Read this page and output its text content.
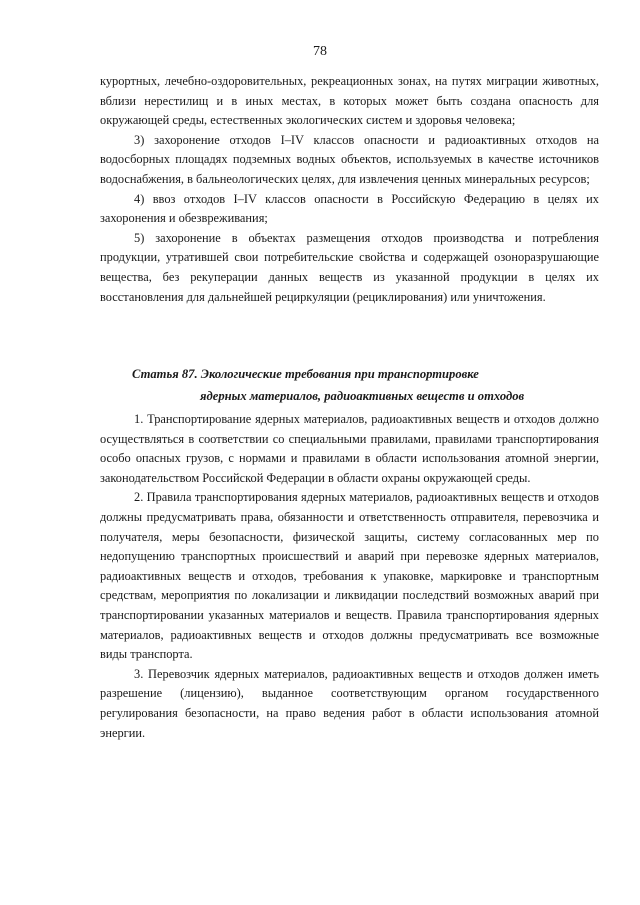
78

курортных, лечебно-оздоровительных, рекреационных зонах, на путях миграции животных, вблизи нерестилищ и в иных местах, в которых может быть создана опасность для окружающей среды, естественных экологических систем и здоровья человека;

3) захоронение отходов I–IV классов опасности и радиоактивных отходов на водосборных площадях подземных водных объектов, используемых в качестве источников водоснабжения, в бальнеологических целях, для извлечения ценных минеральных ресурсов;

4) ввоз отходов I–IV классов опасности в Российскую Федерацию в целях их захоронения и обезвреживания;

5) захоронение в объектах размещения отходов производства и потребления продукции, утратившей свои потребительские свойства и содержащей озоноразрушающие вещества, без рекуперации данных веществ из указанной продукции в целях их восстановления для дальнейшей рециркуляции (рециклирования) или уничтожения.

Статья 87. Экологические требования при транспортировке
ядерных материалов, радиоактивных веществ и отходов

1. Транспортирование ядерных материалов, радиоактивных веществ и отходов должно осуществляться в соответствии со специальными правилами, правилами транспортирования особо опасных грузов, с нормами и правилами в области использования атомной энергии, законодательством Российской Федерации в области охраны окружающей среды.

2. Правила транспортирования ядерных материалов, радиоактивных веществ и отходов должны предусматривать права, обязанности и ответственность отправителя, перевозчика и получателя, меры безопасности, физической защиты, систему согласованных мер по недопущению транспортных происшествий и аварий при перевозке ядерных материалов, радиоактивных веществ и отходов, требования к упаковке, маркировке и транспортным средствам, мероприятия по локализации и ликвидации последствий возможных аварий при транспортировании указанных материалов и веществ. Правила транспортирования ядерных материалов, радиоактивных веществ и отходов должны предусматривать все возможные виды транспорта.

3. Перевозчик ядерных материалов, радиоактивных веществ и отходов должен иметь разрешение (лицензию), выданное соответствующим органом государственного регулирования безопасности, на право ведения работ в области использования атомной энергии.
